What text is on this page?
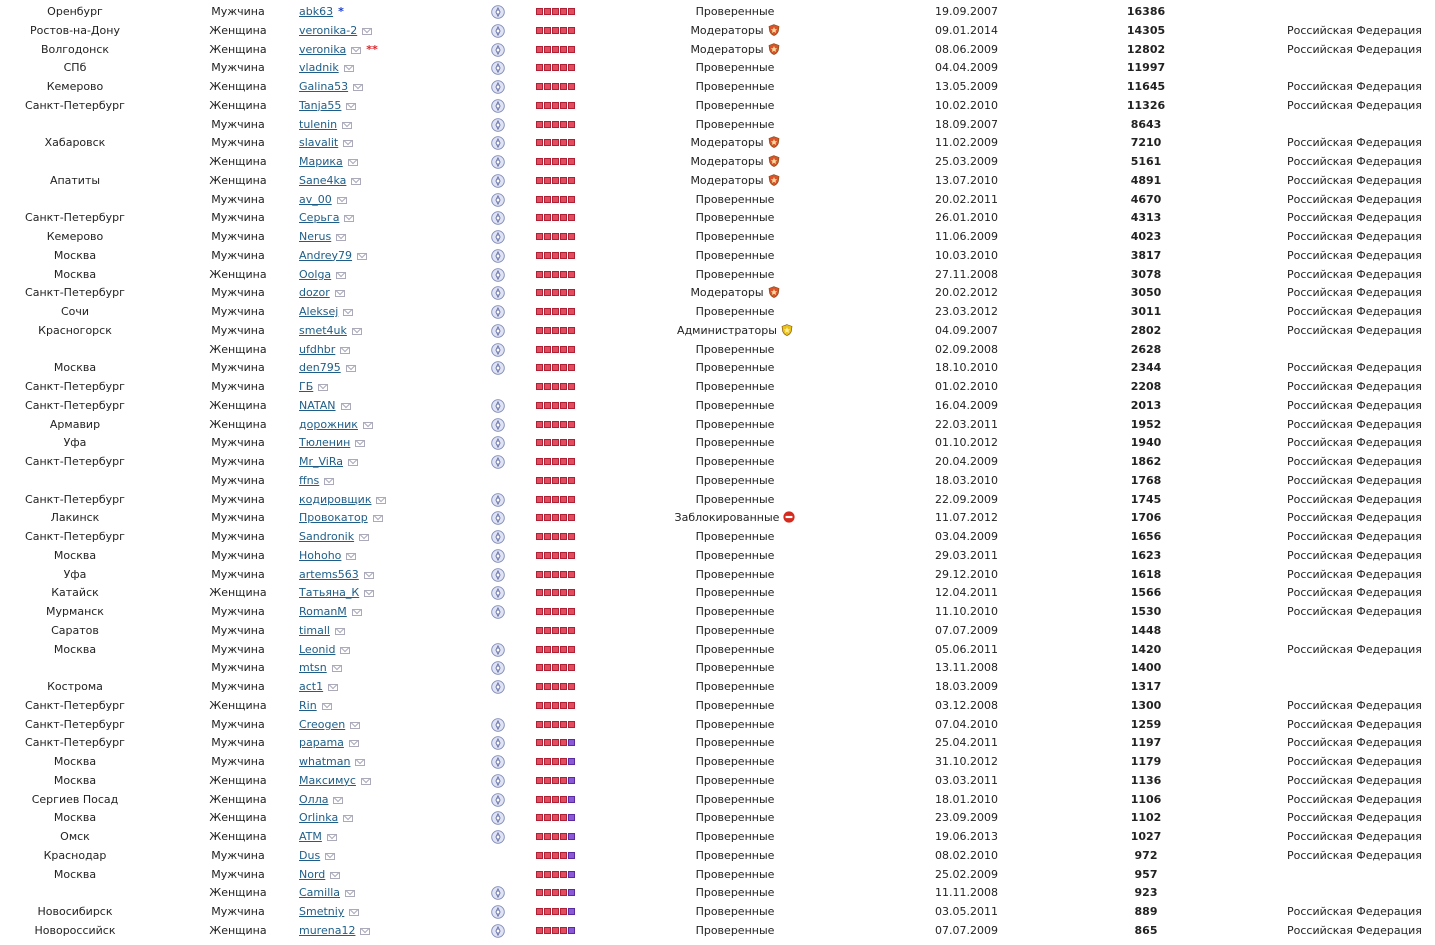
Оренбург	Мужчина	abk63 *	Проверенные	19.09.2007	16386
Ростов-на-Дону	Женщина	veronika-2	Модераторы	09.01.2014	14305	Российская Федерация
Волгодонск	Женщина	veronika **	Модераторы	08.06.2009	12802	Российская Федерация
СПб	Мужчина	vladnik	Проверенные	04.04.2009	11997
Кемерово	Женщина	Galina53	Проверенные	13.05.2009	11645	Российская Федерация
Санкт-Петербург	Женщина	Tanja55	Проверенные	10.02.2010	11326	Российская Федерация
Мужчина	tulenin	Проверенные	18.09.2007	8643
Хабаровск	Мужчина	slavalit	Модераторы	11.02.2009	7210	Российская Федерация
Женщина	Марика	Модераторы	25.03.2009	5161	Российская Федерация
Апатиты	Женщина	Sane4ka	Модераторы	13.07.2010	4891	Российская Федерация
Мужчина	av_00	Проверенные	20.02.2011	4670	Российская Федерация
Санкт-Петербург	Мужчина	Серьга	Проверенные	26.01.2010	4313	Российская Федерация
Кемерово	Мужчина	Nerus	Проверенные	11.06.2009	4023	Российская Федерация
Москва	Мужчина	Andrey79	Проверенные	10.03.2010	3817	Российская Федерация
Москва	Женщина	Oolga	Проверенные	27.11.2008	3078	Российская Федерация
Санкт-Петербург	Мужчина	dozor	Модераторы	20.02.2012	3050	Российская Федерация
Сочи	Мужчина	Aleksej	Проверенные	23.03.2012	3011	Российская Федерация
Красногорск	Мужчина	smet4uk	Администраторы	04.09.2007	2802	Российская Федерация
Женщина	ufdhbr	Проверенные	02.09.2008	2628
Москва	Мужчина	den795	Проверенные	18.10.2010	2344	Российская Федерация
Санкт-Петербург	Мужчина	ГБ	Проверенные	01.02.2010	2208	Российская Федерация
Санкт-Петербург	Женщина	NATAN	Проверенные	16.04.2009	2013	Российская Федерация
Армавир	Женщина	дорожник	Проверенные	22.03.2011	1952	Российская Федерация
Уфа	Мужчина	Тюленин	Проверенные	01.10.2012	1940	Российская Федерация
Санкт-Петербург	Мужчина	Mr_ViRa	Проверенные	20.04.2009	1862	Российская Федерация
Мужчина	ffns	Проверенные	18.03.2010	1768	Российская Федерация
Санкт-Петербург	Мужчина	кодировщик	Проверенные	22.09.2009	1745	Российская Федерация
Лакинск	Мужчина	Провокатор	Заблокированные	11.07.2012	1706	Российская Федерация
Санкт-Петербург	Мужчина	Sandronik	Проверенные	03.04.2009	1656	Российская Федерация
Москва	Мужчина	Hohoho	Проверенные	29.03.2011	1623	Российская Федерация
Уфа	Мужчина	artems563	Проверенные	29.12.2010	1618	Российская Федерация
Катайск	Женщина	Татьяна_К	Проверенные	12.04.2011	1566	Российская Федерация
Мурманск	Мужчина	RomanM	Проверенные	11.10.2010	1530	Российская Федерация
Саратов	Мужчина	timall	Проверенные	07.07.2009	1448
Москва	Мужчина	Leonid	Проверенные	05.06.2011	1420	Российская Федерация
Мужчина	mtsn	Проверенные	13.11.2008	1400
Кострома	Мужчина	act1	Проверенные	18.03.2009	1317
Санкт-Петербург	Женщина	Rin	Проверенные	03.12.2008	1300	Российская Федерация
Санкт-Петербург	Мужчина	Creogen	Проверенные	07.04.2010	1259	Российская Федерация
Санкт-Петербург	Мужчина	papama	Проверенные	25.04.2011	1197	Российская Федерация
Москва	Мужчина	whatman	Проверенные	31.10.2012	1179	Российская Федерация
Москва	Женщина	Максимус	Проверенные	03.03.2011	1136	Российская Федерация
Сергиев Посад	Женщина	Олла	Проверенные	18.01.2010	1106	Российская Федерация
Москва	Женщина	Orlinka	Проверенные	23.09.2009	1102	Российская Федерация
Омск	Женщина	ATM	Проверенные	19.06.2013	1027	Российская Федерация
Краснодар	Мужчина	Dus	Проверенные	08.02.2010	972	Российская Федерация
Москва	Мужчина	Nord	Проверенные	25.02.2009	957
Женщина	Camilla	Проверенные	11.11.2008	923
Новосибирск	Мужчина	Smetniy	Проверенные	03.05.2011	889	Российская Федерация
Новороссийск	Женщина	murena12	Проверенные	07.07.2009	865	Российская Федерация
